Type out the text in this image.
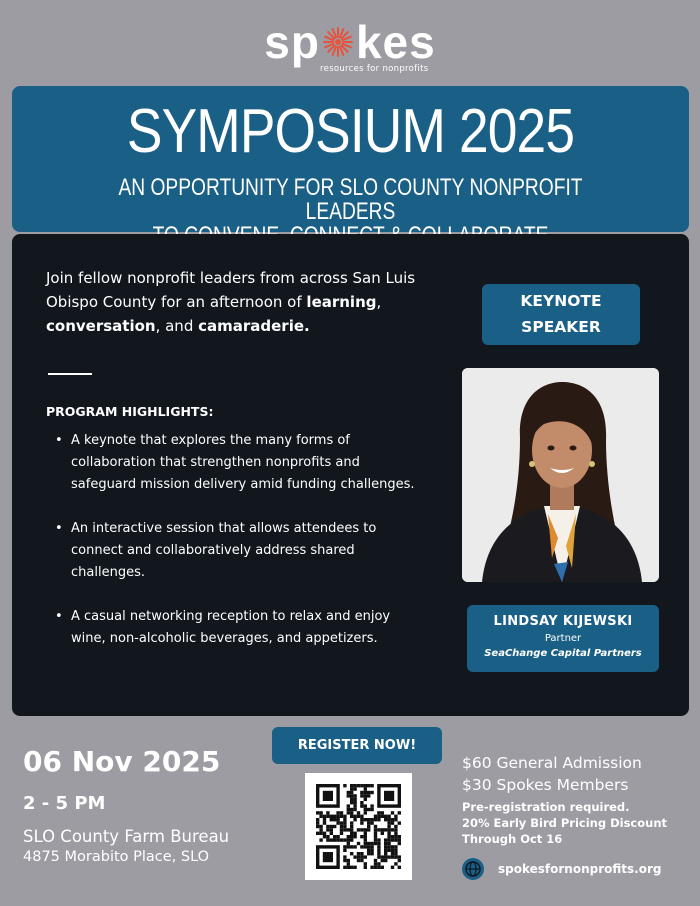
sp kes
resources for nonprofits
SYMPOSIUM 2025
AN OPPORTUNITY FOR SLO COUNTY NONPROFIT LEADERS
Join fellow nonprofit leaders from across San Luis Obispo County for an afternoon of learning, conversation, and camaraderie.
PROGRAM HIGHLIGHTS:
• A keynote that explores the many forms of collaboration that strengthen nonprofits and safeguard mission delivery amid funding challenges.
• An interactive session that allows attendees to connect and collaboratively address shared challenges.
• A casual networking reception to relax and enjoy wine, non-alcoholic beverages, and appetizers.
KEYNOTE
SPEAKER
LINDSAY KIJEWSKI
Partner
SeaChange Capital Partners
06 Nov 2025
2 - 5 PM
SLO County Farm Bureau
4875 Morabito Place, SLO
REGISTER NOW!
$60 General Admission
$30 Spokes Members
Pre-registration required.
20% Early Bird Pricing Discount
Through Oct 16
spokesfornonprofits.org
